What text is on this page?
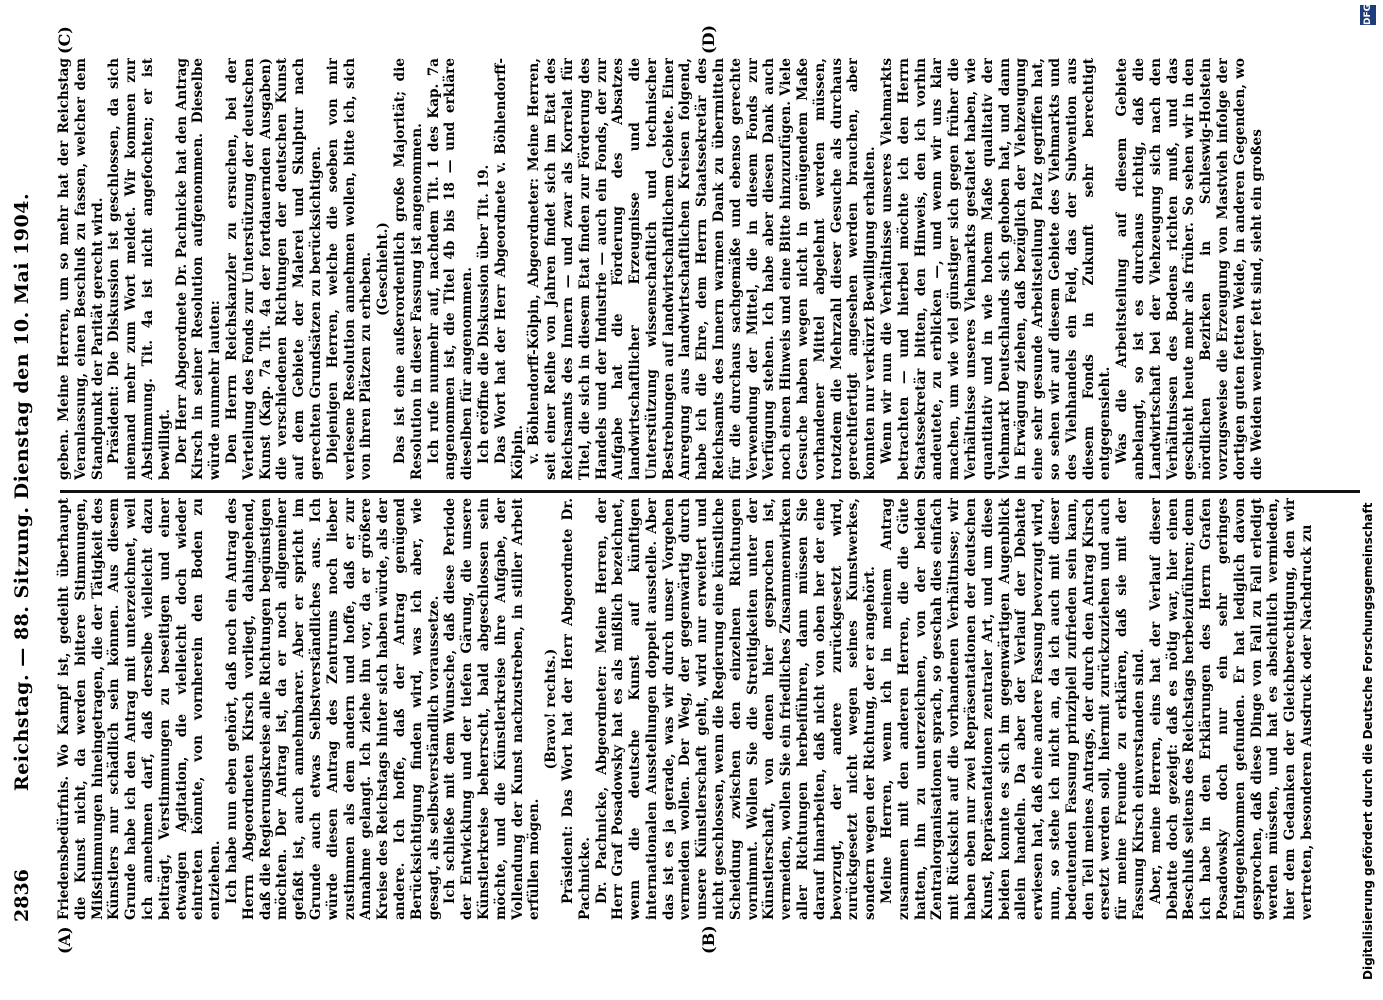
2836
Reichstag. — 88. Sitzung. Dienstag den 10. Mai 1904.
(A)	(B)
(C)	(D)

Friedensbedürfnis. Wo Kampf ist, gedeiht überhaupt die Kunst nicht, da werden bittere Stimmungen, Mißstimmungen hineingetragen, die der Tätigkeit des Künstlers nur schädlich sein können. Aus diesem Grunde habe ich den Antrag mit unterzeichnet, weil ich annehmen darf, daß derselbe vielleicht dazu beiträgt, Verstimmungen zu beseitigen und einer etwaigen Agitation, die vielleicht doch wieder eintreten könnte, von vornherein den Boden zu entziehen. Ich habe nun eben gehört, daß noch ein Antrag des Herrn Abgeordneten Kirsch vorliegt, dahingehend, daß die Regierungskreise alle Richtungen begünstigen möchten. Der Antrag ist, da er noch allgemeiner gefaßt ist, auch annehmbarer. Aber er spricht im Grunde auch etwas Selbstverständliches aus. Ich würde diesen Antrag des Zentrums noch lieber zustimmen als dem andern und hoffe, daß er zur Annahme gelangt. Ich ziehe ihn vor, da er größere Kreise des Reichstags hinter sich haben würde, als der andere. Ich hoffe, daß der Antrag genügend Berücksichtigung finden wird, was ich aber, wie gesagt, als selbstverständlich voraussetze. Ich schließe mit dem Wunsche, daß diese Periode der Entwicklung und der tiefen Gärung, die unsere Künstlerkreise beherrscht, bald abgeschlossen sein möchte, und die Künstlerkreise ihre Aufgabe, der Vollendung der Kunst nachzustreben, in stiller Arbeit erfüllen mögen.

(Bravo! rechts.) Präsident: Das Wort hat der Herr Abgeordnete Dr. Pachnicke. Dr. Pachnicke, Abgeordneter: Meine Herren, der Herr Graf Posadowsky hat es als mißlich bezeichnet, wenn die deutsche Kunst auf künftigen internationalen Ausstellungen doppelt ausstelle. Aber das ist es ja gerade, was wir durch unser Vorgehen vermeiden wollen. Der Weg, der gegenwärtig durch unsere Künstlerschaft geht, wird nur erweitert und nicht geschlossen, wenn die Regierung eine künstliche Scheidung zwischen den einzelnen Richtungen vornimmt. Wollen Sie die Streitigkeiten unter der Künstlerschaft, von denen hier gesprochen ist, vermeiden, wollen Sie ein friedliches Zusammenwirken aller Richtungen herbeiführen, dann müssen Sie darauf hinarbeiten, daß nicht von oben her der eine bevorzugt, der andere zurückgesetzt wird, zurückgesetzt nicht wegen seines Kunstwerkes, sondern wegen der Richtung, der er angehört. Meine Herren, wenn ich in meinem Antrag zusammen mit den anderen Herren, die die Güte hatten, ihn zu unterzeichnen, von der beiden Zentralorganisationen sprach, so geschah dies einfach mit Rücksicht auf die vorhandenen Verhältnisse; wir haben eben nur zwei Repräsentationen der deutschen Kunst, Repräsentationen zentraler Art, und um diese beiden konnte es sich im gegenwärtigen Augenblick allein handeln. Da aber der Verlauf der Debatte erwiesen hat, daß eine andere Fassung bevorzugt wird, nun, so stehe ich nicht an, da ich auch mit dieser bedeutenden Fassung prinzipiell zufrieden sein kann, den Teil meines Antrags, der durch den Antrag Kirsch ersetzt werden soll, hiermit zurückzuziehen und auch für meine Freunde zu erklären, daß sie mit der Fassung Kirsch einverstanden sind. Aber, meine Herren, eins hat der Verlauf dieser Debatte doch gezeigt: daß es nötig war, hier einen Beschluß seitens des Reichstags herbeizuführen; denn ich habe in den Erklärungen des Herrn Grafen Posadowsky doch nur ein sehr geringes Entgegenkommen gefunden. Er hat lediglich davon gesprochen, daß diese Dinge von Fall zu Fall erledigt werden müssten, und hat es absichtlich vermieden, hier dem Gedanken der Gleichberechtigung, den wir vertreten, besonderen Ausdruck oder Nachdruck zu

geben. Meine Herren, um so mehr hat der Reichstag Veranlassung, einen Beschluß zu fassen, welcher dem Standpunkt der Parität gerecht wird. Präsident: Die Diskussion ist geschlossen, da sich niemand mehr zum Wort meldet. Wir kommen zur Abstimmung. Tit. 4a ist nicht angefochten; er ist bewilligt. Der Herr Abgeordnete Dr. Pachnicke hat den Antrag Kirsch in seiner Resolution aufgenommen. Dieselbe würde nunmehr lauten: Den Herrn Reichskanzler zu ersuchen, bei der Verteilung des Fonds zur Unterstützung der deutschen Kunst (Kap. 7a Tit. 4a der fortdauernden Ausgaben) die verschiedenen Richtungen der deutschen Kunst auf dem Gebiete der Malerei und Skulptur nach gerechten Grundsätzen zu berücksichtigen. Diejenigen Herren, welche die soeben von mir verlesene Resolution annehmen wollen, bitte ich, sich von ihren Plätzen zu erheben. (Geschieht.) Das ist eine außerordentlich große Majorität; die Resolution in dieser Fassung ist angenommen. Ich rufe nunmehr auf, nachdem Tit. 1 des Kap. 7a angenommen ist, die Titel 4b bis 18 — und erkläre dieselben für angenommen. Ich eröffne die Diskussion über Tit. 19. Das Wort hat der Herr Abgeordnete v. Böhlendorff-Kölpin. v. Böhlendorff-Kölpin, Abgeordneter: Meine Herren, seit einer Reihe von Jahren findet sich im Etat des Reichsamts des Innern — und zwar als Korrelat für Titel, die sich in diesem Etat finden zur Förderung des Handels und der Industrie — auch ein Fonds, der zur Aufgabe hat die Förderung des Absatzes landwirtschaftlicher Erzeugnisse und die Unterstützung wissenschaftlich und technischer Bestrebungen auf landwirtschaftlichem Gebiete. Einer Anregung aus landwirtschaftlichen Kreisen folgend, habe ich die Ehre, dem Herrn Staatssekretär des Reichsamts des Innern warmen Dank zu übermitteln für die durchaus sachgemäße und ebenso gerechte Verwendung der Mittel, die in diesem Fonds zur Verfügung stehen. Ich habe aber diesen Dank auch noch einen Hinweis und eine Bitte hinzuzufügen. Viele Gesuche haben wegen nicht in genügendem Maße vorhandener Mittel abgelehnt werden müssen, trotzdem die Mehrzahl dieser Gesuche als durchaus gerechtfertigt angesehen werden brauchen, aber konnten nur verkürzt Bewilligung erhalten. Wenn wir nun die Verhältnisse unseres Viehmarkts betrachten — und hierbei möchte ich den Herrn Staatssekretär bitten, den Hinweis, den ich vorhin andeutete, zu erblicken —, und wenn wir uns klar machen, um wie viel günstiger sich gegen früher die Verhältnisse unseres Viehmarkts gestaltet haben, wie quantitativ und in wie hohem Maße qualitativ der Viehmarkt Deutschlands sich gehoben hat, und dann in Erwägung ziehen, daß bezüglich der Viehzeugung eine sehr gesunde Arbeitsteilung Platz gegriffen hat, so sehen wir auf diesem Gebiete des Viehmarkts und des Viehhandels ein Feld, das der Subvention aus diesem Fonds in Zukunft sehr berechtigt entgegensieht. Was die Arbeitsteilung auf diesem Gebiete anbelangt, so ist es durchaus richtig, daß die Landwirtschaft bei der Viehzeugung sich nach den Verhältnissen des Bodens richten muß, und das geschieht heute mehr als früher. So sehen wir in den nördlichen Bezirken in Schleswig-Holstein vorzugsweise die Erzeugung von Mastvieh infolge der dortigen guten fetten Weide, in anderen Gegenden, wo die Weiden weniger fett sind, sieht ein großes

Digitalisierung gefördert durch die Deutsche Forschungsgemeinschaft
DFG
